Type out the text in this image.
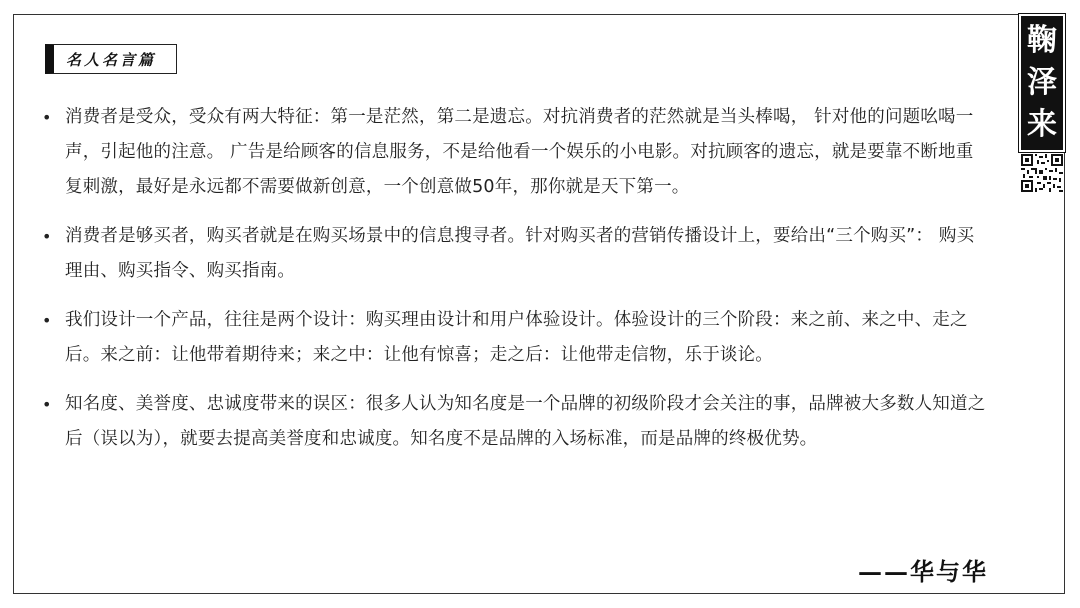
名人名言篇
鞠
泽
来
• 消费者是受众，受众有两大特征：第一是茫然，第二是遗忘。对抗消费者的茫然就是当头棒喝， 针对他的问题吆喝一声，引起他的注意。 广告是给顾客的信息服务，不是给他看一个娱乐的小电影。对抗顾客的遗忘，就是要靠不断地重复刺激，最好是永远都不需要做新创意，一个创意做50年，那你就是天下第一。
• 消费者是够买者，购买者就是在购买场景中的信息搜寻者。针对购买者的营销传播设计上，要给出“三个购买”： 购买理由、购买指令、购买指南。
• 我们设计一个产品，往往是两个设计：购买理由设计和用户体验设计。体验设计的三个阶段：来之前、来之中、走之后。来之前：让他带着期待来；来之中：让他有惊喜；走之后：让他带走信物，乐于谈论。
• 知名度、美誉度、忠诚度带来的误区：很多人认为知名度是一个品牌的初级阶段才会关注的事，品牌被大多数人知道之后（误以为），就要去提高美誉度和忠诚度。知名度不是品牌的入场标准，而是品牌的终极优势。
——华与华
